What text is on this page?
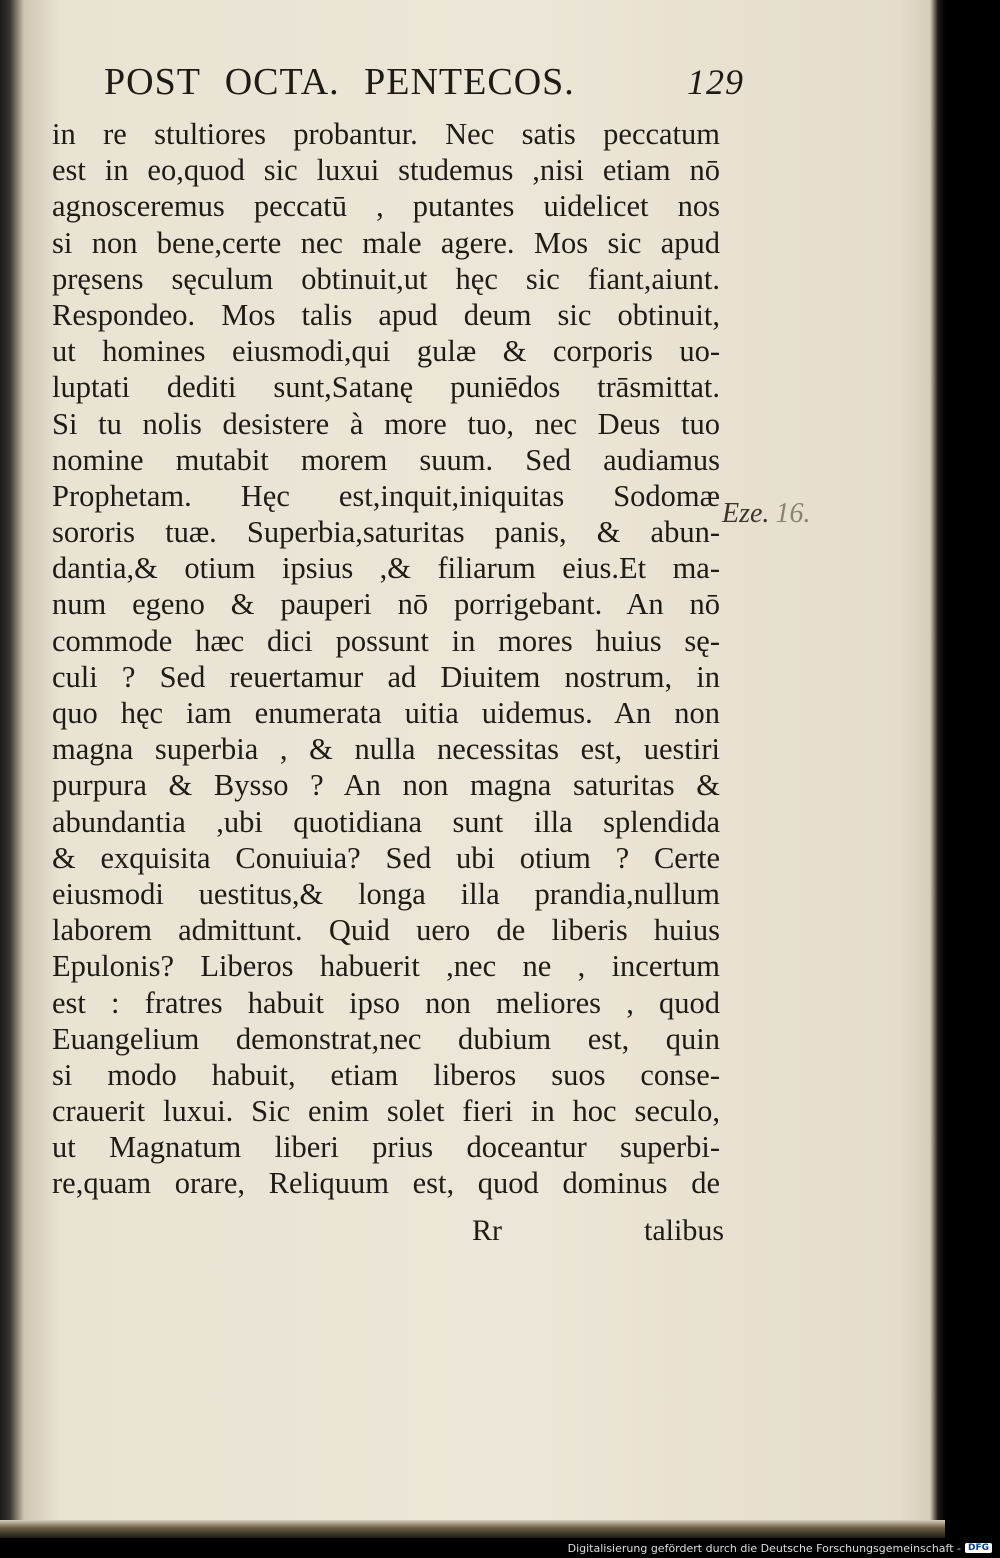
POST OCTA. PENTECOS.	129
in re stultiores probantur. Nec satis peccatum
est in eo,quod sic luxui studemus ,nisi etiam nō
agnosceremus peccatū , putantes uidelicet nos
si non bene,certe nec male agere. Mos sic apud
pręsens sęculum obtinuit,ut hęc sic fiant,aiunt.
Respondeo. Mos talis apud deum sic obtinuit,
ut homines eiusmodi,qui gulæ & corporis uo-
luptati dediti sunt,Satanę puniēdos trāsmittat.
Si tu nolis desistere à more tuo, nec Deus tuo
nomine mutabit morem suum. Sed audiamus
Prophetam. Hęc est,inquit,iniquitas Sodomæ
sororis tuæ. Superbia,saturitas panis, & abun-
dantia,& otium ipsius ,& filiarum eius.Et ma-
num egeno & pauperi nō porrigebant. An nō
commode hæc dici possunt in mores huius sę-
culi ? Sed reuertamur ad Diuitem nostrum, in
quo hęc iam enumerata uitia uidemus. An non
magna superbia , & nulla necessitas est, uestiri
purpura & Bysso ? An non magna saturitas &
abundantia ,ubi quotidiana sunt illa splendida
& exquisita Conuiuia? Sed ubi otium ? Certe
eiusmodi uestitus,& longa illa prandia,nullum
laborem admittunt. Quid uero de liberis huius
Epulonis? Liberos habuerit ,nec ne , incertum
est : fratres habuit ipso non meliores , quod
Euangelium demonstrat,nec dubium est, quin
si modo habuit, etiam liberos suos conse-
crauerit luxui. Sic enim solet fieri in hoc seculo,
ut Magnatum liberi prius doceantur superbi-
re,quam orare, Reliquum est, quod dominus de
Eze. 16.
Rr	talibus
Digitalisierung gefördert durch die Deutsche Forschungsgemeinschaft - DFG
